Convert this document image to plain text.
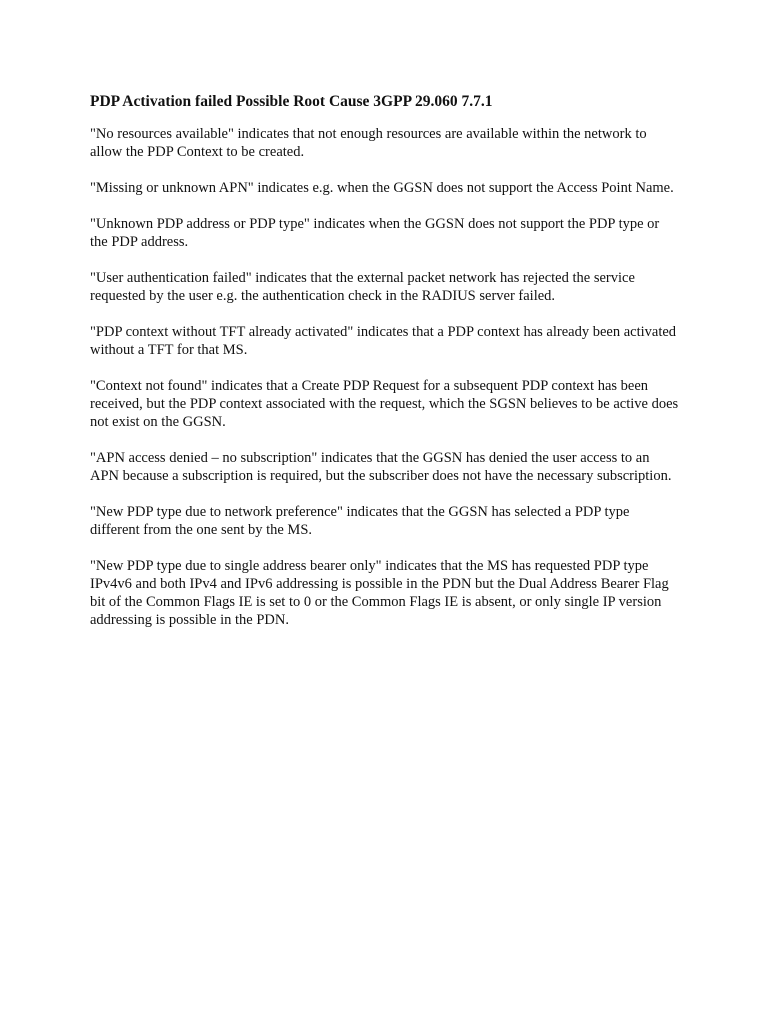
PDP Activation failed Possible Root Cause 3GPP 29.060 7.7.1

"No resources available" indicates that not enough resources are available within the network to allow the PDP Context to be created.

"Missing or unknown APN" indicates e.g. when the GGSN does not support the Access Point Name.

"Unknown PDP address or PDP type" indicates when the GGSN does not support the PDP type or the PDP address.

"User authentication failed" indicates that the external packet network has rejected the service requested by the user e.g. the authentication check in the RADIUS server failed.

"PDP context without TFT already activated" indicates that a PDP context has already been activated without a TFT for that MS.

"Context not found" indicates that a Create PDP Request for a subsequent PDP context has been received, but the PDP context associated with the request, which the SGSN believes to be active does not exist on the GGSN.

"APN access denied – no subscription" indicates that the GGSN has denied the user access to an APN because a subscription is required, but the subscriber does not have the necessary subscription.

"New PDP type due to network preference" indicates that the GGSN has selected a PDP type different from the one sent by the MS.

"New PDP type due to single address bearer only" indicates that the MS has requested PDP type IPv4v6 and both IPv4 and IPv6 addressing is possible in the PDN but the Dual Address Bearer Flag bit of the Common Flags IE is set to 0 or the Common Flags IE is absent, or only single IP version addressing is possible in the PDN.
